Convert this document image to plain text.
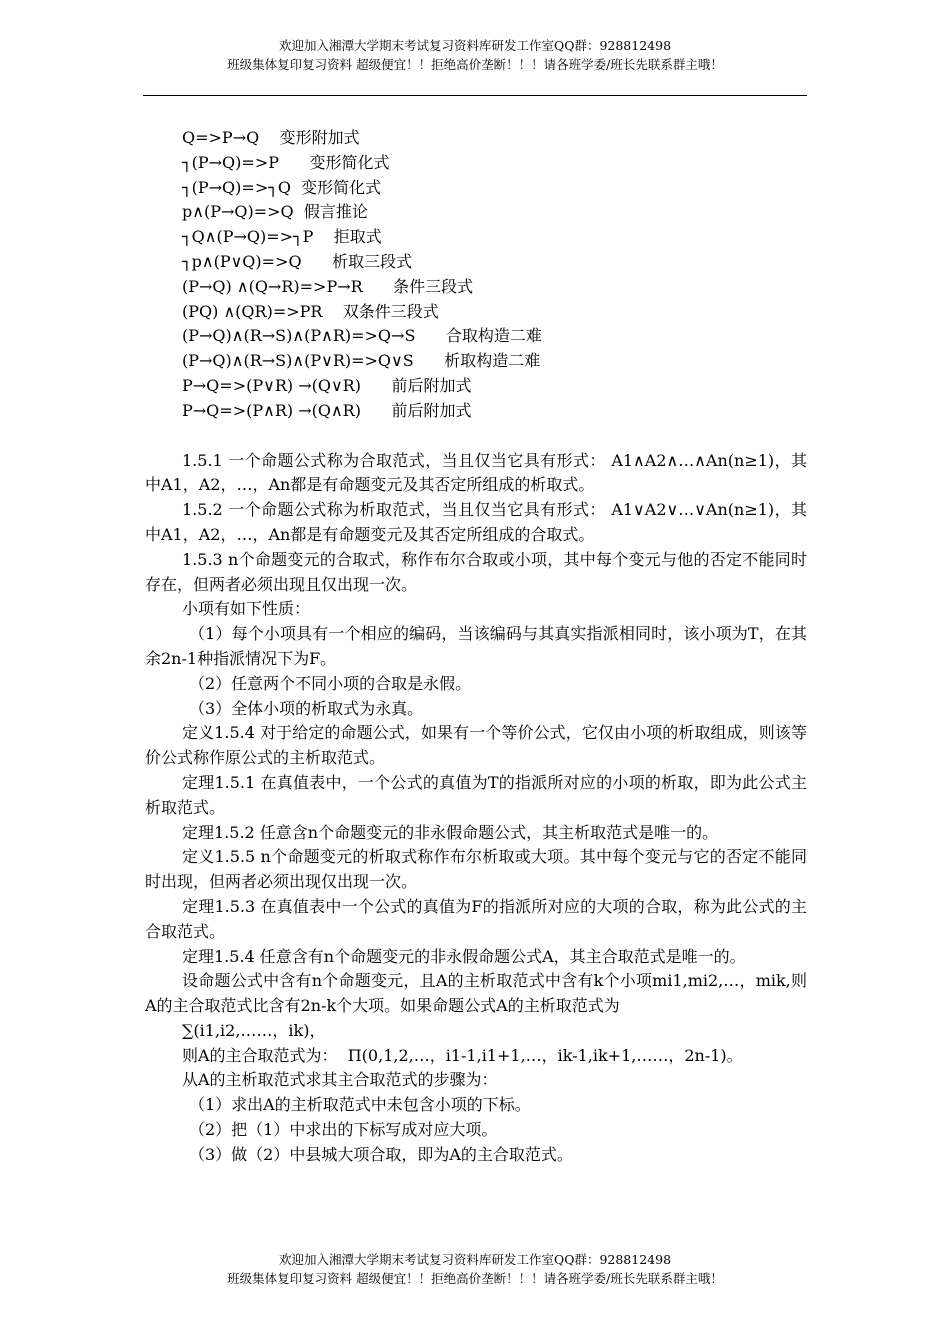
欢迎加入湘潭大学期末考试复习资料库研发工作室QQ群：928812498
班级集体复印复习资料 超级便宜！！拒绝高价垄断！！！请各班学委/班长先联系群主哦！
Q=>P→Q    变形附加式
┐(P→Q)=>P      变形简化式
┐(P→Q)=>┐Q  变形简化式
p∧(P→Q)=>Q  假言推论
┐Q∧(P→Q)=>┐P    拒取式
┐p∧(P∨Q)=>Q      析取三段式
(P→Q) ∧(Q→R)=>P→R      条件三段式
(PQ) ∧(QR)=>PR    双条件三段式
(P→Q)∧(R→S)∧(P∧R)=>Q→S      合取构造二难
(P→Q)∧(R→S)∧(P∨R)=>Q∨S      析取构造二难
P→Q=>(P∨R) →(Q∨R)      前后附加式
P→Q=>(P∧R) →(Q∧R)      前后附加式

1.5.1 一个命题公式称为合取范式，当且仅当它具有形式： A1∧A2∧…∧An(n≥1)，其中A1，A2，…，An都是有命题变元及其否定所组成的析取式。

1.5.2 一个命题公式称为析取范式，当且仅当它具有形式： A1∨A2∨…∨An(n≥1)，其中A1，A2，…，An都是有命题变元及其否定所组成的合取式。

1.5.3 n个命题变元的合取式，称作布尔合取或小项，其中每个变元与他的否定不能同时存在，但两者必须出现且仅出现一次。

小项有如下性质：

（1）每个小项具有一个相应的编码，当该编码与其真实指派相同时，该小项为T，在其余2n-1种指派情况下为F。

（2）任意两个不同小项的合取是永假。

（3）全体小项的析取式为永真。

定义1.5.4 对于给定的命题公式，如果有一个等价公式，它仅由小项的析取组成，则该等价公式称作原公式的主析取范式。

定理1.5.1 在真值表中，一个公式的真值为T的指派所对应的小项的析取，即为此公式主析取范式。

定理1.5.2 任意含n个命题变元的非永假命题公式，其主析取范式是唯一的。

定义1.5.5 n个命题变元的析取式称作布尔析取或大项。其中每个变元与它的否定不能同时出现，但两者必须出现仅出现一次。

定理1.5.3 在真值表中一个公式的真值为F的指派所对应的大项的合取，称为此公式的主合取范式。

定理1.5.4 任意含有n个命题变元的非永假命题公式A，其主合取范式是唯一的。

设命题公式中含有n个命题变元，且A的主析取范式中含有k个小项mi1,mi2,…，mik,则A的主合取范式比含有2n-k个大项。如果命题公式A的主析取范式为

∑(i1,i2,……，ik)，

则A的主合取范式为：  Π(0,1,2,…，i1-1,i1+1,…，ik-1,ik+1,……，2n-1)。

从A的主析取范式求其主合取范式的步骤为：

（1）求出A的主析取范式中未包含小项的下标。

（2）把（1）中求出的下标写成对应大项。

（3）做（2）中县城大项合取，即为A的主合取范式。

欢迎加入湘潭大学期末考试复习资料库研发工作室QQ群：928812498
班级集体复印复习资料 超级便宜！！拒绝高价垄断！！！请各班学委/班长先联系群主哦！
